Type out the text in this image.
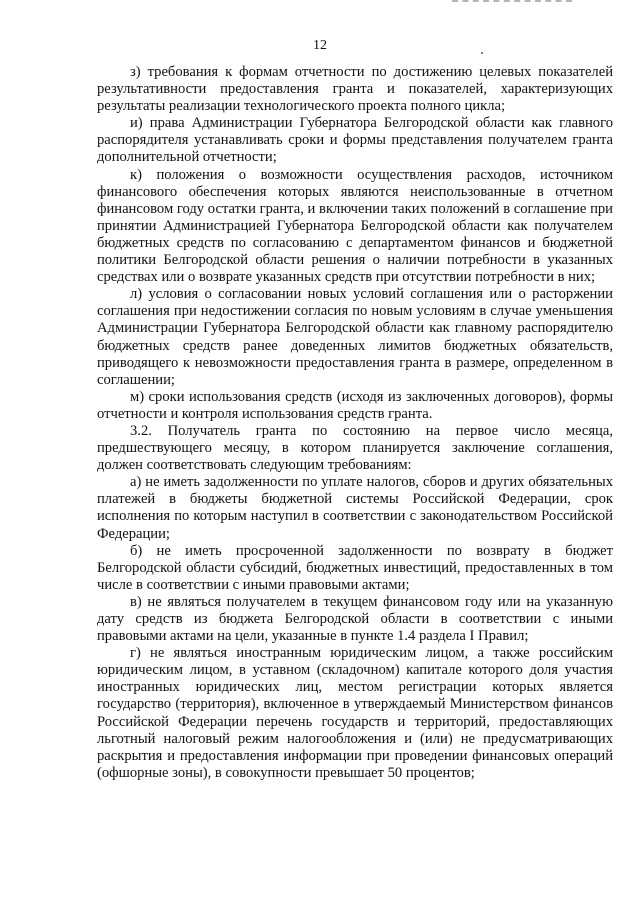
12

з) требования к формам отчетности по достижению целевых показателей результативности предоставления гранта и показателей, характеризующих результаты реализации технологического проекта полного цикла;

и) права Администрации Губернатора Белгородской области как главного распорядителя устанавливать сроки и формы представления получателем гранта дополнительной отчетности;

к) положения о возможности осуществления расходов, источником финансового обеспечения которых являются неиспользованные в отчетном финансовом году остатки гранта, и включении таких положений в соглашение при принятии Администрацией Губернатора Белгородской области как получателем бюджетных средств по согласованию с департаментом финансов и бюджетной политики Белгородской области решения о наличии потребности в указанных средствах или о возврате указанных средств при отсутствии потребности в них;

л) условия о согласовании новых условий соглашения или о расторжении соглашения при недостижении согласия по новым условиям в случае уменьшения Администрации Губернатора Белгородской области как главному распорядителю бюджетных средств ранее доведенных лимитов бюджетных обязательств, приводящего к невозможности предоставления гранта в размере, определенном в соглашении;

м) сроки использования средств (исходя из заключенных договоров), формы отчетности и контроля использования средств гранта.

3.2. Получатель гранта по состоянию на первое число месяца, предшествующего месяцу, в котором планируется заключение соглашения, должен соответствовать следующим требованиям:

а) не иметь задолженности по уплате налогов, сборов и других обязательных платежей в бюджеты бюджетной системы Российской Федерации, срок исполнения по которым наступил в соответствии с законодательством Российской Федерации;

б) не иметь просроченной задолженности по возврату в бюджет Белгородской области субсидий, бюджетных инвестиций, предоставленных в том числе в соответствии с иными правовыми актами;

в) не являться получателем в текущем финансовом году или на указанную дату средств из бюджета Белгородской области в соответствии с иными правовыми актами на цели, указанные в пункте 1.4 раздела I Правил;

г) не являться иностранным юридическим лицом, а также российским юридическим лицом, в уставном (складочном) капитале которого доля участия иностранных юридических лиц, местом регистрации которых является государство (территория), включенное в утверждаемый Министерством финансов Российской Федерации перечень государств и территорий, предоставляющих льготный налоговый режим налогообложения и (или) не предусматривающих раскрытия и предоставления информации при проведении финансовых операций (офшорные зоны), в совокупности превышает 50 процентов;
